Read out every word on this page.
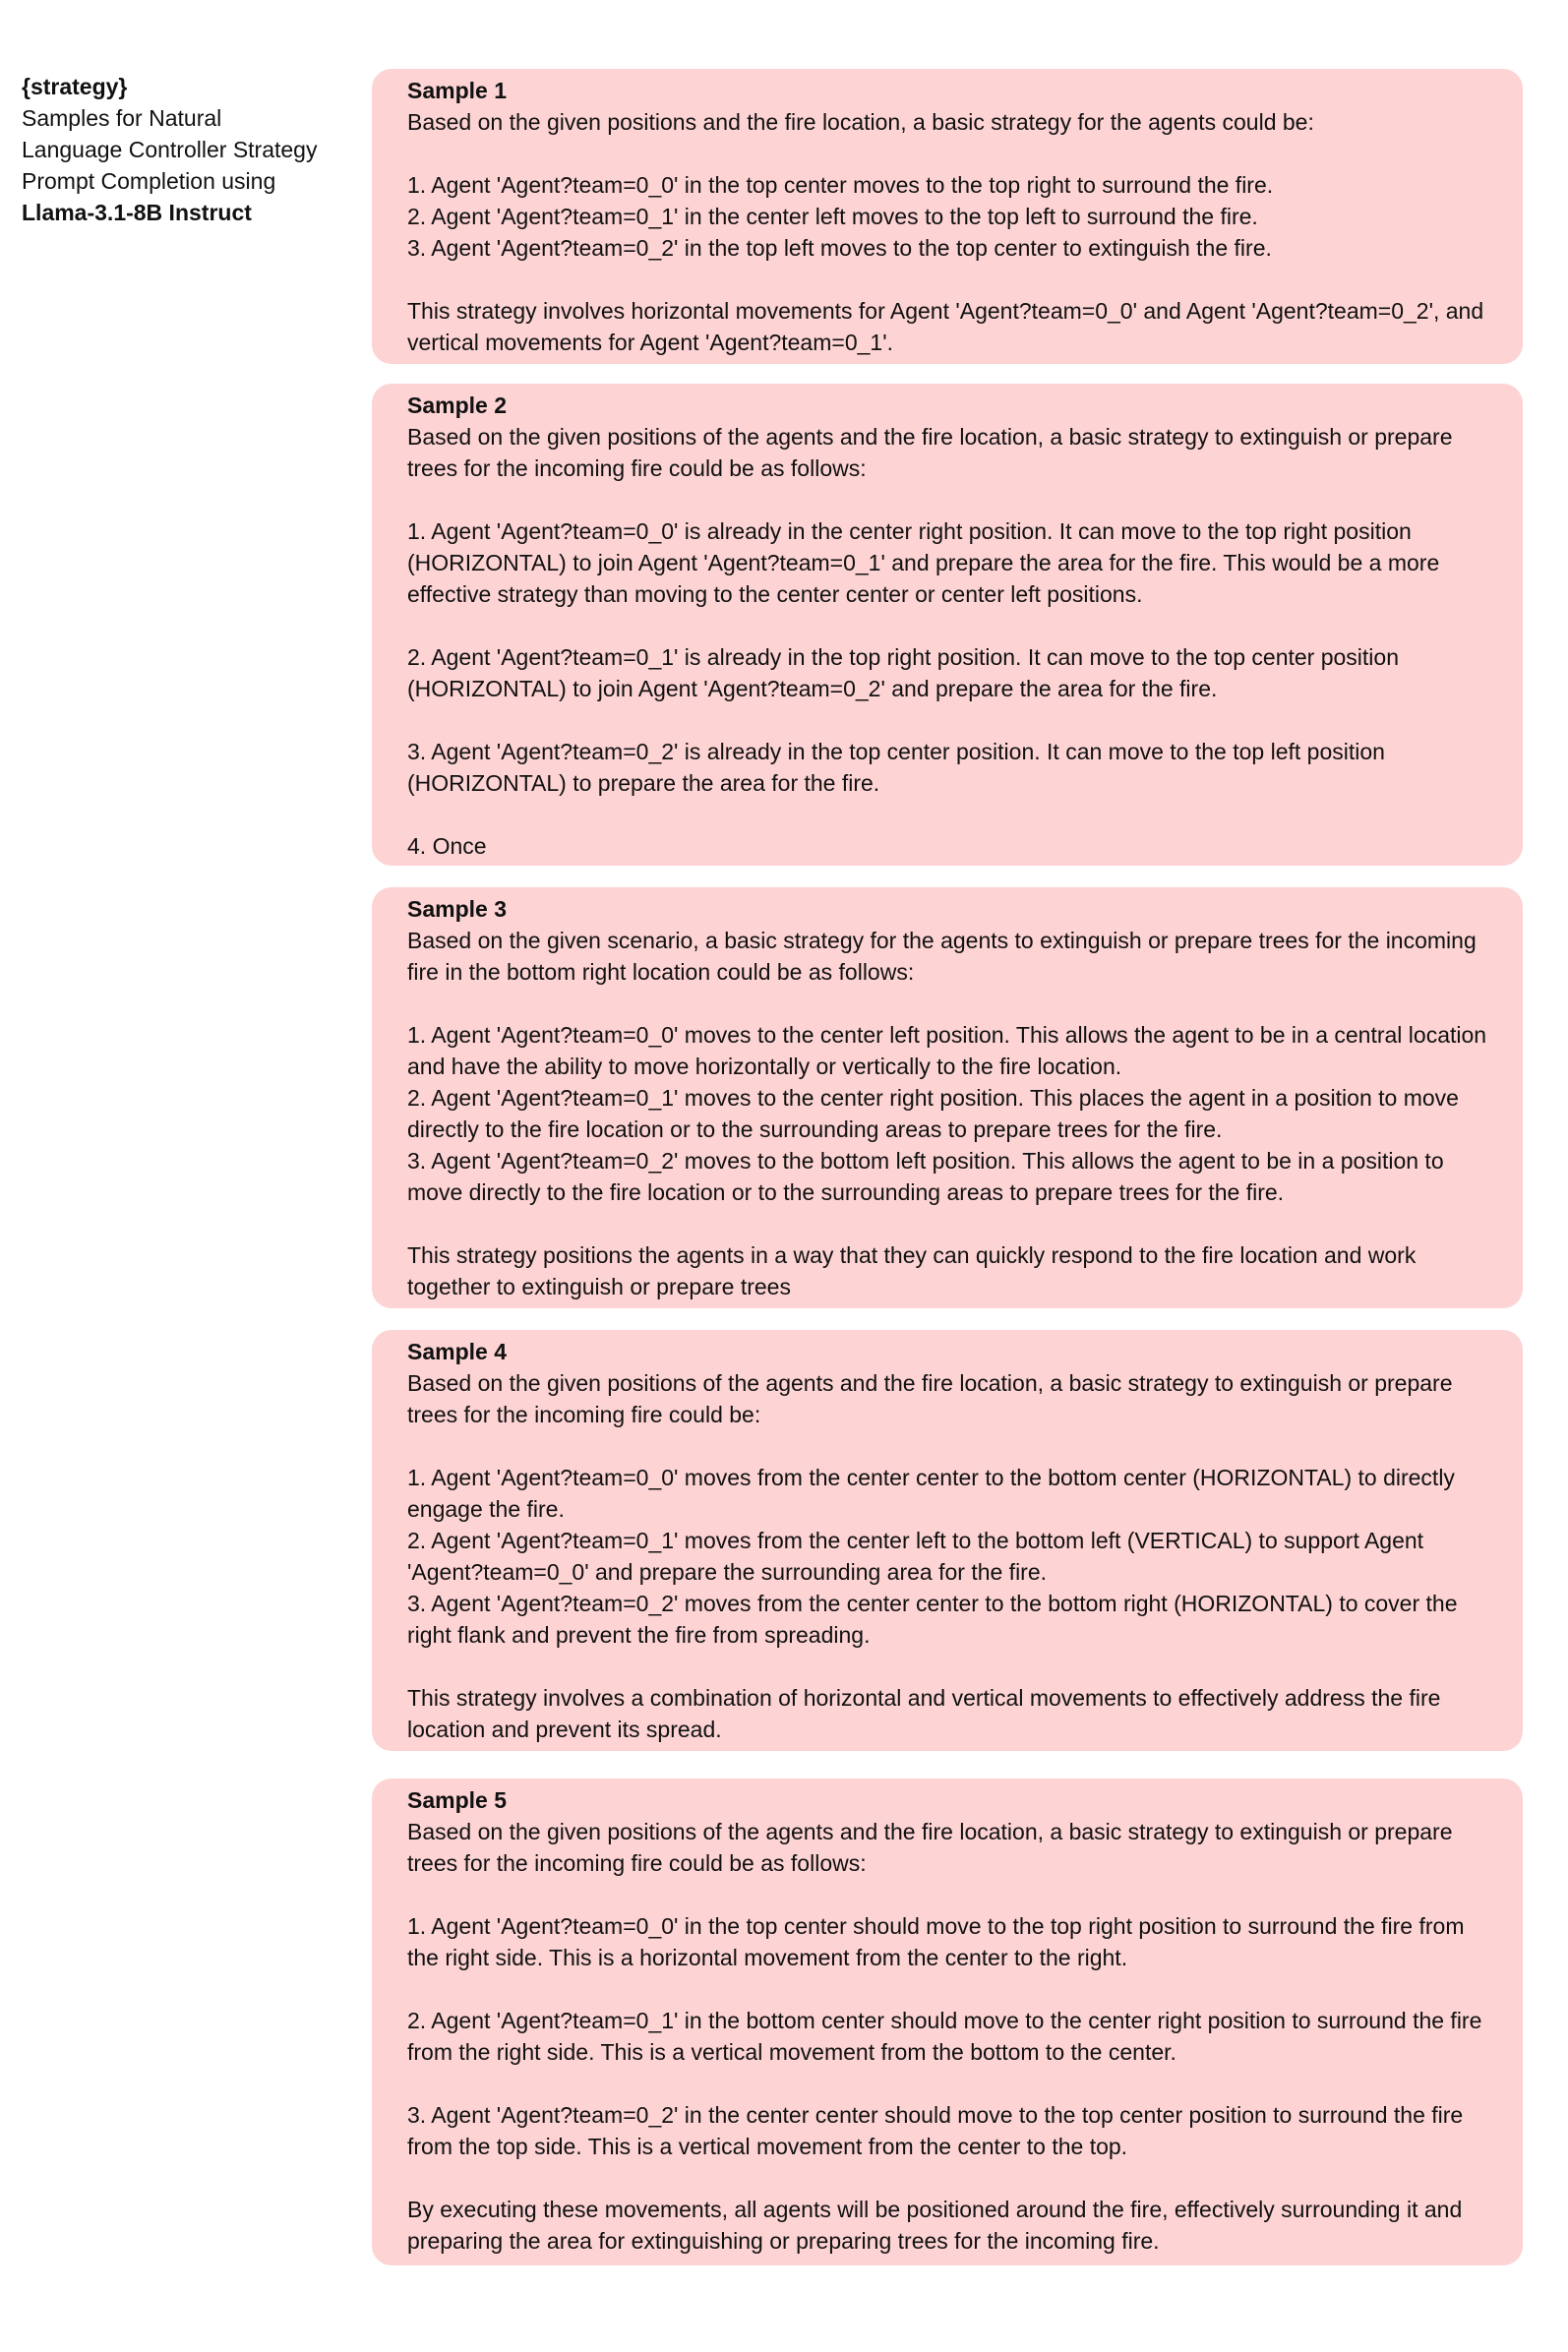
{strategy}
Samples for Natural
Language Controller Strategy
Prompt Completion using
Llama-3.1-8B Instruct
Sample 1

Based on the given positions and the fire location, a basic strategy for the agents could be:

1. Agent 'Agent?team=0_0' in the top center moves to the top right to surround the fire.

2. Agent 'Agent?team=0_1' in the center left moves to the top left to surround the fire.

3. Agent 'Agent?team=0_2' in the top left moves to the top center to extinguish the fire.

This strategy involves horizontal movements for Agent 'Agent?team=0_0' and Agent 'Agent?team=0_2', and vertical movements for Agent 'Agent?team=0_1'.

Sample 2

Based on the given positions of the agents and the fire location, a basic strategy to extinguish or prepare trees for the incoming fire could be as follows:

1. Agent 'Agent?team=0_0' is already in the center right position. It can move to the top right position (HORIZONTAL) to join Agent 'Agent?team=0_1' and prepare the area for the fire. This would be a more effective strategy than moving to the center center or center left positions.

2. Agent 'Agent?team=0_1' is already in the top right position. It can move to the top center position (HORIZONTAL) to join Agent 'Agent?team=0_2' and prepare the area for the fire.

3. Agent 'Agent?team=0_2' is already in the top center position. It can move to the top left position (HORIZONTAL) to prepare the area for the fire.

4. Once

Sample 3

Based on the given scenario, a basic strategy for the agents to extinguish or prepare trees for the incoming fire in the bottom right location could be as follows:

1. Agent 'Agent?team=0_0' moves to the center left position. This allows the agent to be in a central location and have the ability to move horizontally or vertically to the fire location.

2. Agent 'Agent?team=0_1' moves to the center right position. This places the agent in a position to move directly to the fire location or to the surrounding areas to prepare trees for the fire.

3. Agent 'Agent?team=0_2' moves to the bottom left position. This allows the agent to be in a position to move directly to the fire location or to the surrounding areas to prepare trees for the fire.

This strategy positions the agents in a way that they can quickly respond to the fire location and work together to extinguish or prepare trees

Sample 4

Based on the given positions of the agents and the fire location, a basic strategy to extinguish or prepare trees for the incoming fire could be:

1. Agent 'Agent?team=0_0' moves from the center center to the bottom center (HORIZONTAL) to directly engage the fire.

2. Agent 'Agent?team=0_1' moves from the center left to the bottom left (VERTICAL) to support Agent 'Agent?team=0_0' and prepare the surrounding area for the fire.

3. Agent 'Agent?team=0_2' moves from the center center to the bottom right (HORIZONTAL) to cover the right flank and prevent the fire from spreading.

This strategy involves a combination of horizontal and vertical movements to effectively address the fire location and prevent its spread.

Sample 5

Based on the given positions of the agents and the fire location, a basic strategy to extinguish or prepare trees for the incoming fire could be as follows:

1. Agent 'Agent?team=0_0' in the top center should move to the top right position to surround the fire from the right side. This is a horizontal movement from the center to the right.

2. Agent 'Agent?team=0_1' in the bottom center should move to the center right position to surround the fire from the right side. This is a vertical movement from the bottom to the center.

3. Agent 'Agent?team=0_2' in the center center should move to the top center position to surround the fire from the top side. This is a vertical movement from the center to the top.

By executing these movements, all agents will be positioned around the fire, effectively surrounding it and preparing the area for extinguishing or preparing trees for the incoming fire.
